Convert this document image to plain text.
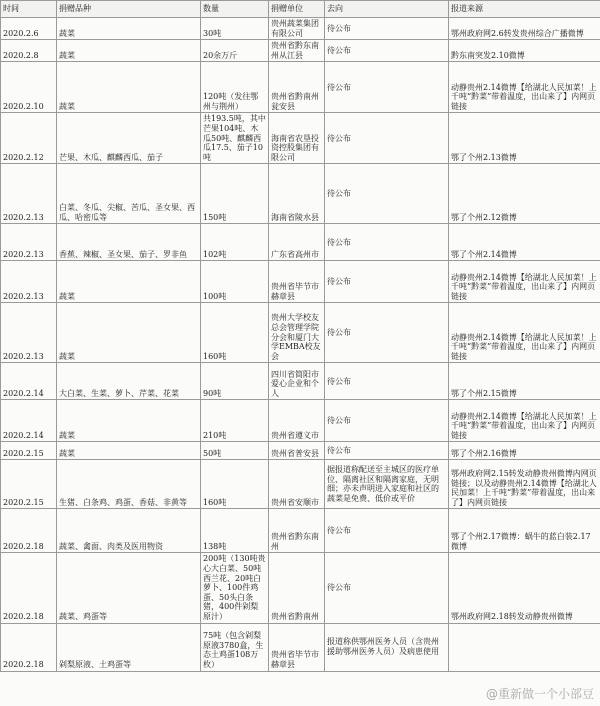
时间	捐赠品种	数量	捐赠单位	去向	报道来源
2020.2.6	蔬菜	30吨	贵州蔬菜集团有限公司	待公布	鄂州政府网2.6转发贵州综合广播微博
2020.2.8	蔬菜	20余万斤	贵州省黔东南州从江县	待公布	黔东南突发2.10微博
2020.2.10	蔬菜	120吨（发往鄂州与荆州）	贵州省黔南州瓮安县	待公布	动静贵州2.14微博【给湖北人民加菜！上千吨“黔菜”带着温度，出山来了】内网页链接
2020.2.12	芒果、木瓜、麒麟西瓜、茄子	共193.5吨，其中芒果104吨、木瓜50吨、麒麟西瓜17.5、茄子10吨	海南省农垦投资控股集团有限公司	待公布	鄂了个州2.13微博
2020.2.13	白菜、冬瓜、尖椒、苦瓜、圣女果、西瓜、哈密瓜等	150吨	海南省陵水县	待公布	鄂了个州2.12微博
2020.2.13	香蕉、辣椒、圣女果、茄子、罗非鱼	102吨	广东省高州市	待公布	鄂了个州2.14微博
2020.2.13	蔬菜	100吨	贵州省毕节市赫章县	待公布	动静贵州2.14微博【给湖北人民加菜！上千吨“黔菜”带着温度，出山来了】内网页链接
2020.2.13	蔬菜	160吨	贵州大学校友总会管理学院分会和厦门大学EMBA校友会	待公布	动静贵州2.14微博【给湖北人民加菜！上千吨“黔菜”带着温度，出山来了】内网页链接
2020.2.14	大白菜、生菜、萝卜、芹菜、花菜	90吨	四川省简阳市爱心企业和个人	待公布	鄂了个州2.15微博
2020.2.14	蔬菜	210吨	贵州省遵义市	待公布	动静贵州2.14微博【给湖北人民加菜！上千吨“黔菜”带着温度，出山来了】内网页链接
2020.2.15	蔬菜	50吨	贵州省普安县	待公布	鄂了个州2.16微博
2020.2.15	生猪、白条鸡、鸡蛋、香菇、非黄等	160吨	贵州省安顺市	据报道称配送至主城区的医疗单位、隔离社区和隔离家庭，无明细；亦未声明进入家庭和社区的蔬菜是免费、低价或平价	鄂州政府网2.15转发动静贵州微博内网页链接；以及动静贵州2.14微博【给湖北人民加菜！上千吨“黔菜”带着温度，出山来了】内网页链接
2020.2.18	蔬菜、禽面、肉类及医用物资	138吨	贵州省黔东南州	待公布	鄂了个州2.17微博：蜗牛的蓝白装2.17微博
2020.2.18	蔬菜、鸡蛋等	200吨（130吨贵心大白菜、50吨西兰花、20吨白萝卜、100件鸡蛋、50头白条猪，400件剁梨原汁）	贵州省黔南州	待公布	鄂州政府网2.18转发动静贵州微博
2020.2.18	剁梨原液、土鸡蛋等	75吨（包含剁梨原液3780盒，生态土鸡蛋108万枚）	贵州省毕节市赫章县	报道称供鄂州医务人员（含贵州援助鄂州医务人员）及病患使用	
@重新做一个小部豆
